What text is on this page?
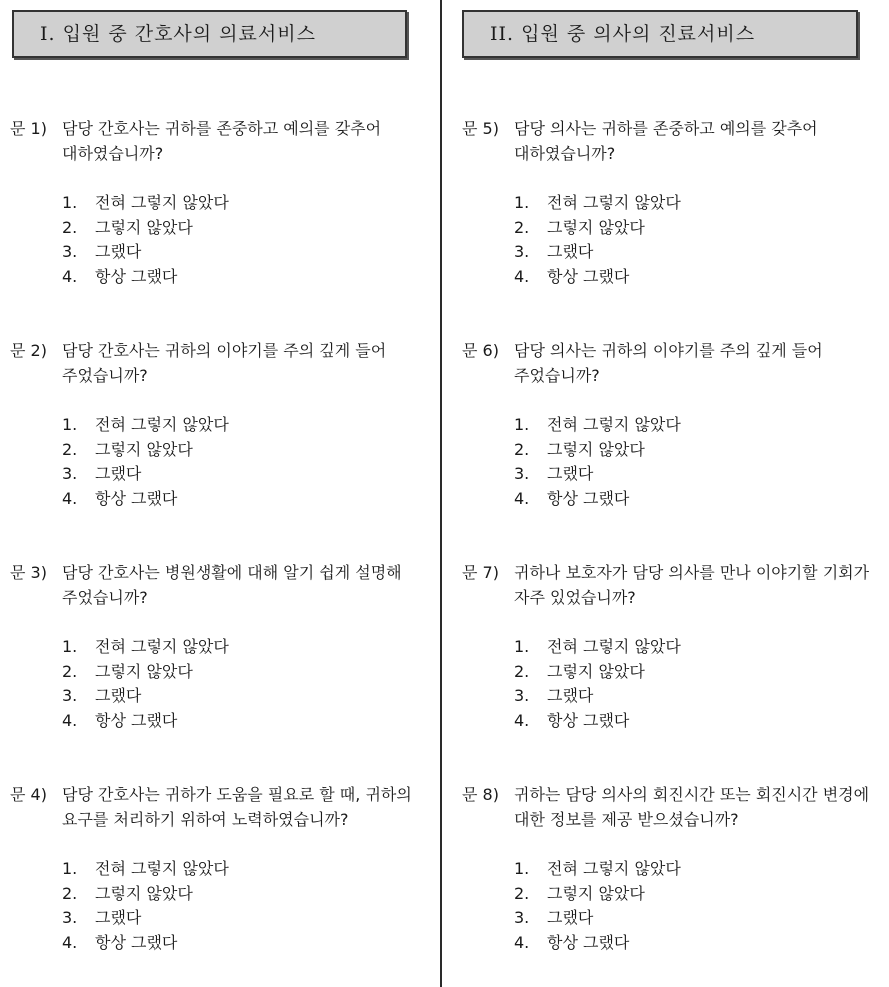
Ⅰ. 입원 중 간호사의 의료서비스	II. 입원 중 의사의 진료서비스
문 1) 담당 간호사는 귀하를 존중하고 예의를 갖추어 대하였습니까?
1. 전혀 그렇지 않았다
2. 그렇지 않았다
3. 그랬다
4. 항상 그랬다
문 2) 담당 간호사는 귀하의 이야기를 주의 깊게 들어 주었습니까?
1. 전혀 그렇지 않았다
2. 그렇지 않았다
3. 그랬다
4. 항상 그랬다
문 3) 담당 간호사는 병원생활에 대해 알기 쉽게 설명해 주었습니까?
1. 전혀 그렇지 않았다
2. 그렇지 않았다
3. 그랬다
4. 항상 그랬다
문 4) 담당 간호사는 귀하가 도움을 필요로 할 때, 귀하의 요구를 처리하기 위하여 노력하였습니까?
1. 전혀 그렇지 않았다
2. 그렇지 않았다
3. 그랬다
4. 항상 그랬다
문 5) 담당 의사는 귀하를 존중하고 예의를 갖추어 대하였습니까?
1. 전혀 그렇지 않았다
2. 그렇지 않았다
3. 그랬다
4. 항상 그랬다
문 6) 담당 의사는 귀하의 이야기를 주의 깊게 들어 주었습니까?
1. 전혀 그렇지 않았다
2. 그렇지 않았다
3. 그랬다
4. 항상 그랬다
문 7) 귀하나 보호자가 담당 의사를 만나 이야기할 기회가 자주 있었습니까?
1. 전혀 그렇지 않았다
2. 그렇지 않았다
3. 그랬다
4. 항상 그랬다
문 8) 귀하는 담당 의사의 회진시간 또는 회진시간 변경에 대한 정보를 제공 받으셨습니까?
1. 전혀 그렇지 않았다
2. 그렇지 않았다
3. 그랬다
4. 항상 그랬다
